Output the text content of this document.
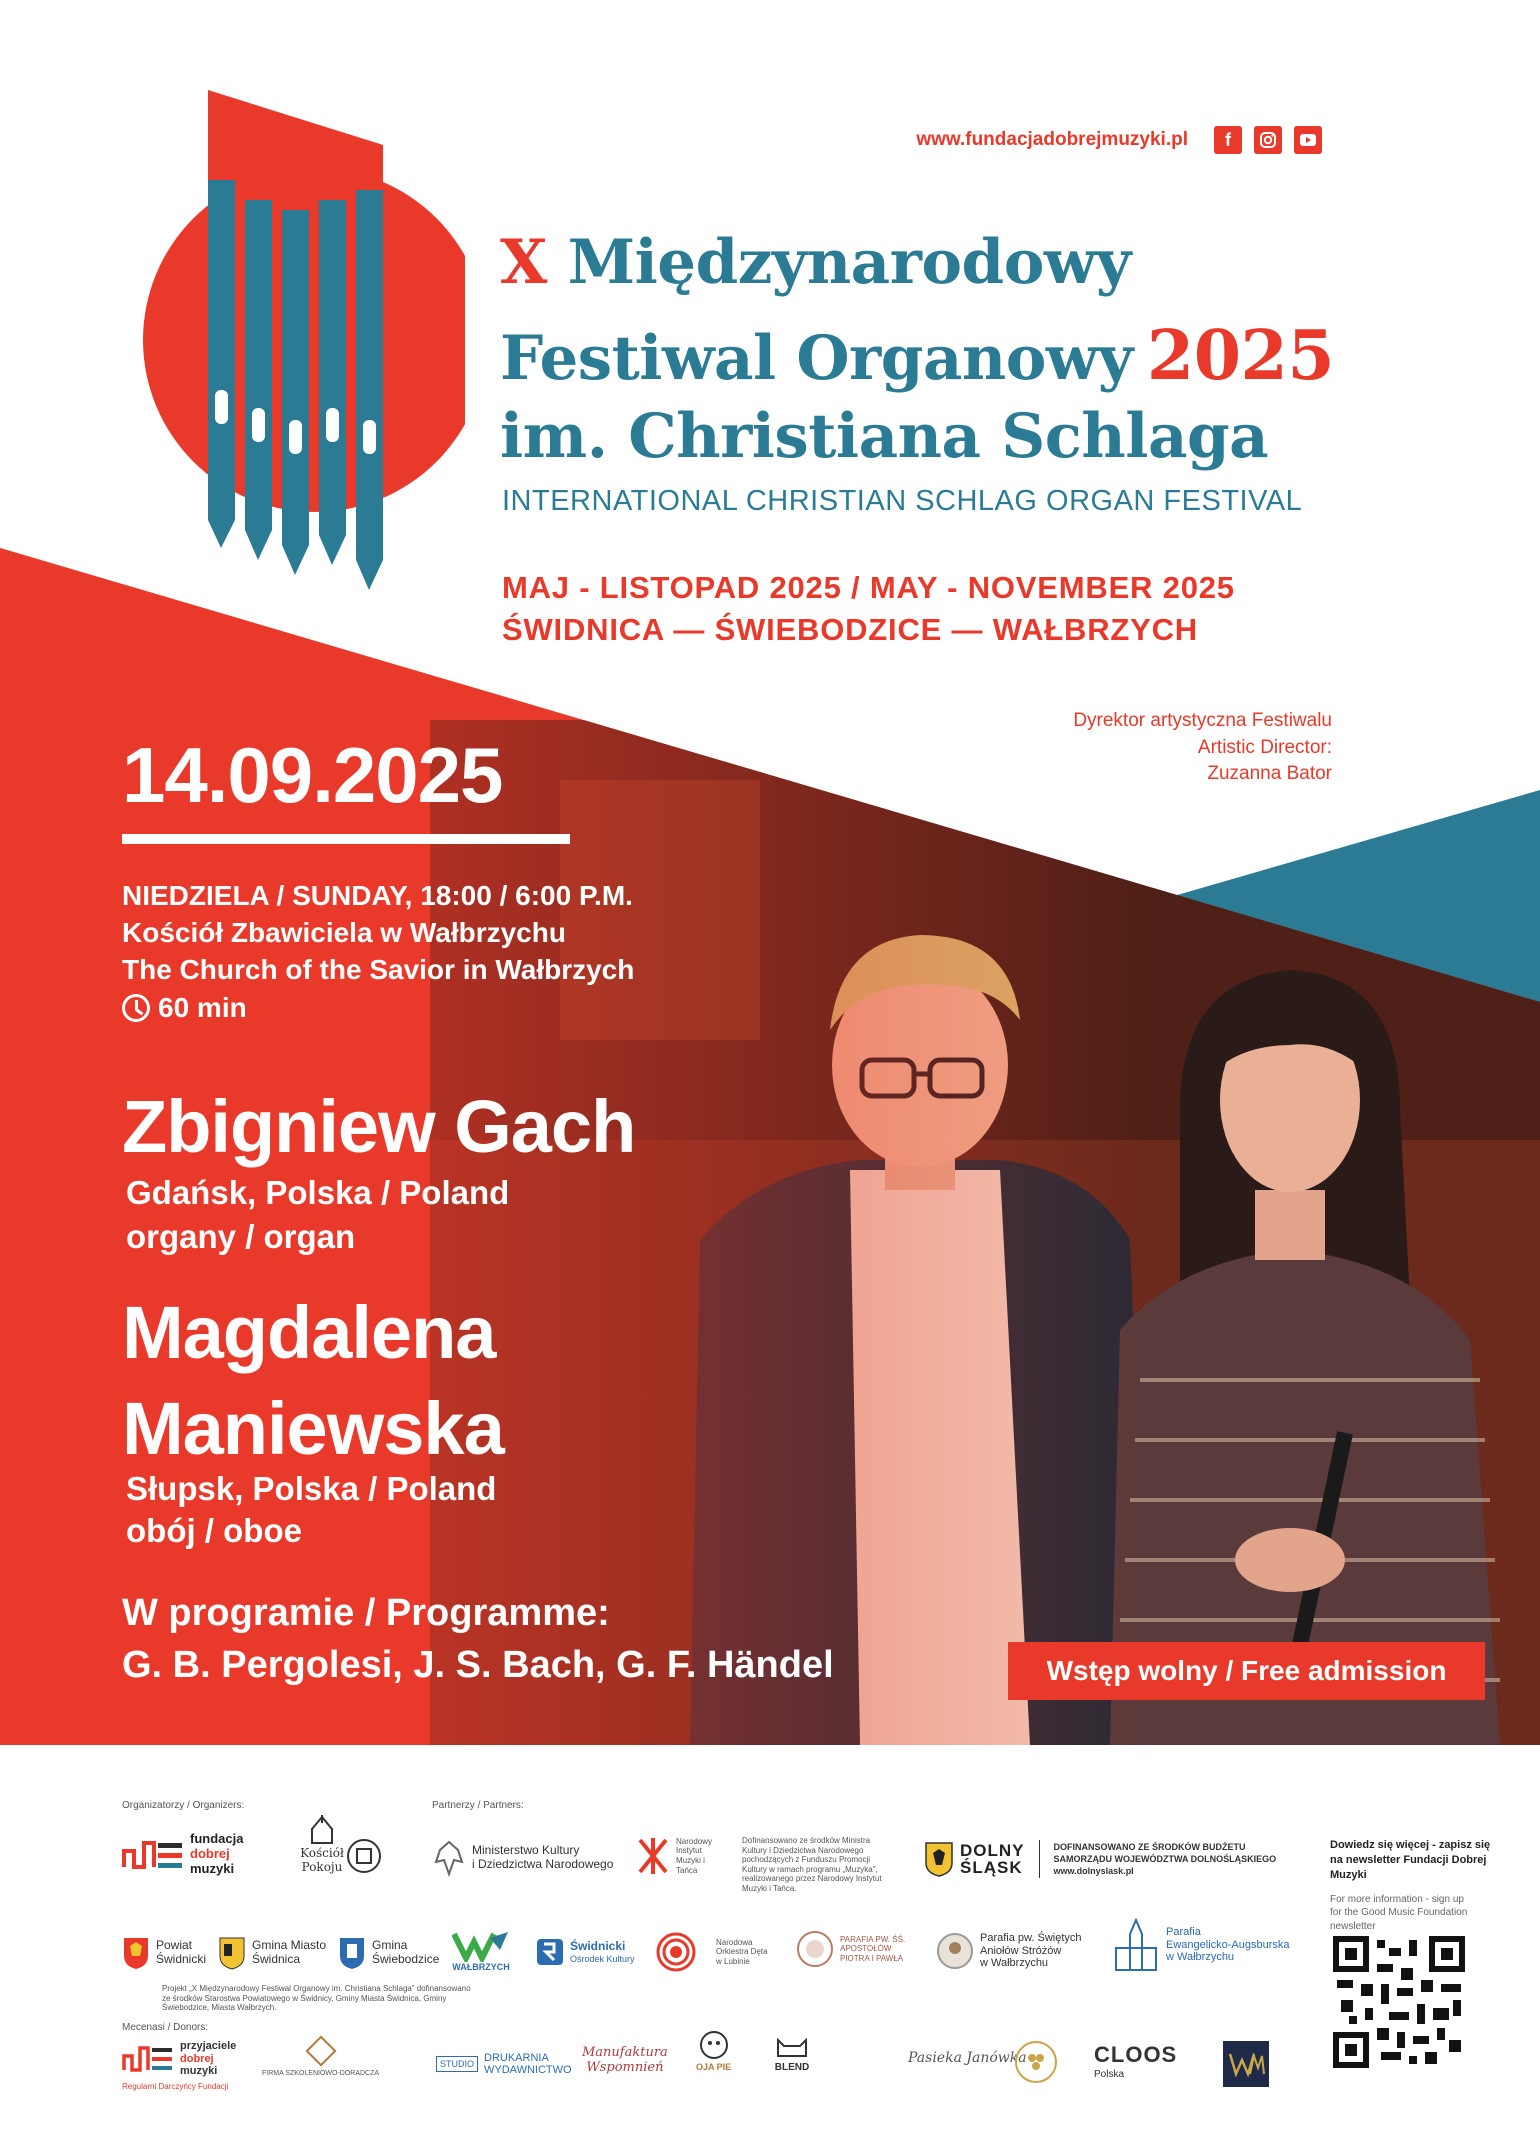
www.fundacjadobrejmuzyki.pl	f
X Międzynarodowy
Festiwal Organowy 2025
im. Christiana Schlaga
INTERNATIONAL CHRISTIAN SCHLAG ORGAN FESTIVAL
MAJ - LISTOPAD 2025 / MAY - NOVEMBER 2025
ŚWIDNICA — ŚWIEBODZICE — WAŁBRZYCH
Dyrektor artystyczna Festiwalu
Artistic Director:
Zuzanna Bator
14.09.2025
NIEDZIELA / SUNDAY, 18:00 / 6:00 P.M.
Kościół Zbawiciela w Wałbrzychu
The Church of the Savior in Wałbrzych
60 min
Zbigniew Gach
Gdańsk, Polska / Poland
organy / organ
Magdalena
Maniewska
Słupsk, Polska / Poland
obój / oboe
W programie / Programme:
G. B. Pergolesi, J. S. Bach, G. F. Händel	Wstęp wolny / Free admission
Organizatorzy / Organizers:	Partnerzy / Partners:
fundacja
dobrej
muzyki
Kościół Pokoju
Ministerstwo Kultury
i Dziedzictwa Narodowego
Narodowy Instytut Muzyki i Tańca
Dofinansowano ze środków Ministra Kultury i Dziedzictwa Narodowego pochodzących z Funduszu Promocji Kultury w ramach programu „Muzyka”, realizowanego przez Narodowy Instytut Muzyki i Tańca.
DOLNY
ŚLĄSK
DOFINANSOWANO ZE ŚRODKÓW BUDŻETU
SAMORZĄDU WOJEWÓDZTWA DOLNOŚLĄSKIEGO
www.dolnyslask.pl
Dowiedz się więcej - zapisz się
na newsletter Fundacji Dobrej Muzyki
For more information - sign up
for the Good Music Foundation newsletter
Powiat
Świdnicki
Gmina Miasto
Świdnica
Gmina
Świebodzice
WAŁBRZYCH
Świdnicki
Ośrodek Kultury
Narodowa Orkiestra Dęta w Lubinie
PARAFIA PW. ŚŚ. APOSTOŁÓW PIOTRA I PAWŁA
Parafia pw. Świętych
Aniołów Stróżów
w Wałbrzychu
Parafia
Ewangelicko-Augsburska
w Wałbrzychu
Projekt „X Międzynarodowy Festiwal Organowy im. Christiana Schlaga” dofinansowano ze środków Starostwa Powiatowego w Świdnicy, Gminy Miasta Świdnica, Gminy Świebodzice, Miasta Wałbrzych.
Mecenasi / Donors:
przyjaciele
dobrej
muzyki
Regularni Darczyńcy Fundacji
FIRMA SZKOLENIOWO-DORADCZA
STUDIO DRUKARNIA
WYDAWNICTWO
Manufaktura Wspomnień	OJA PIE	BLEND
Pasieka Janówka	CLOOS
Polska
